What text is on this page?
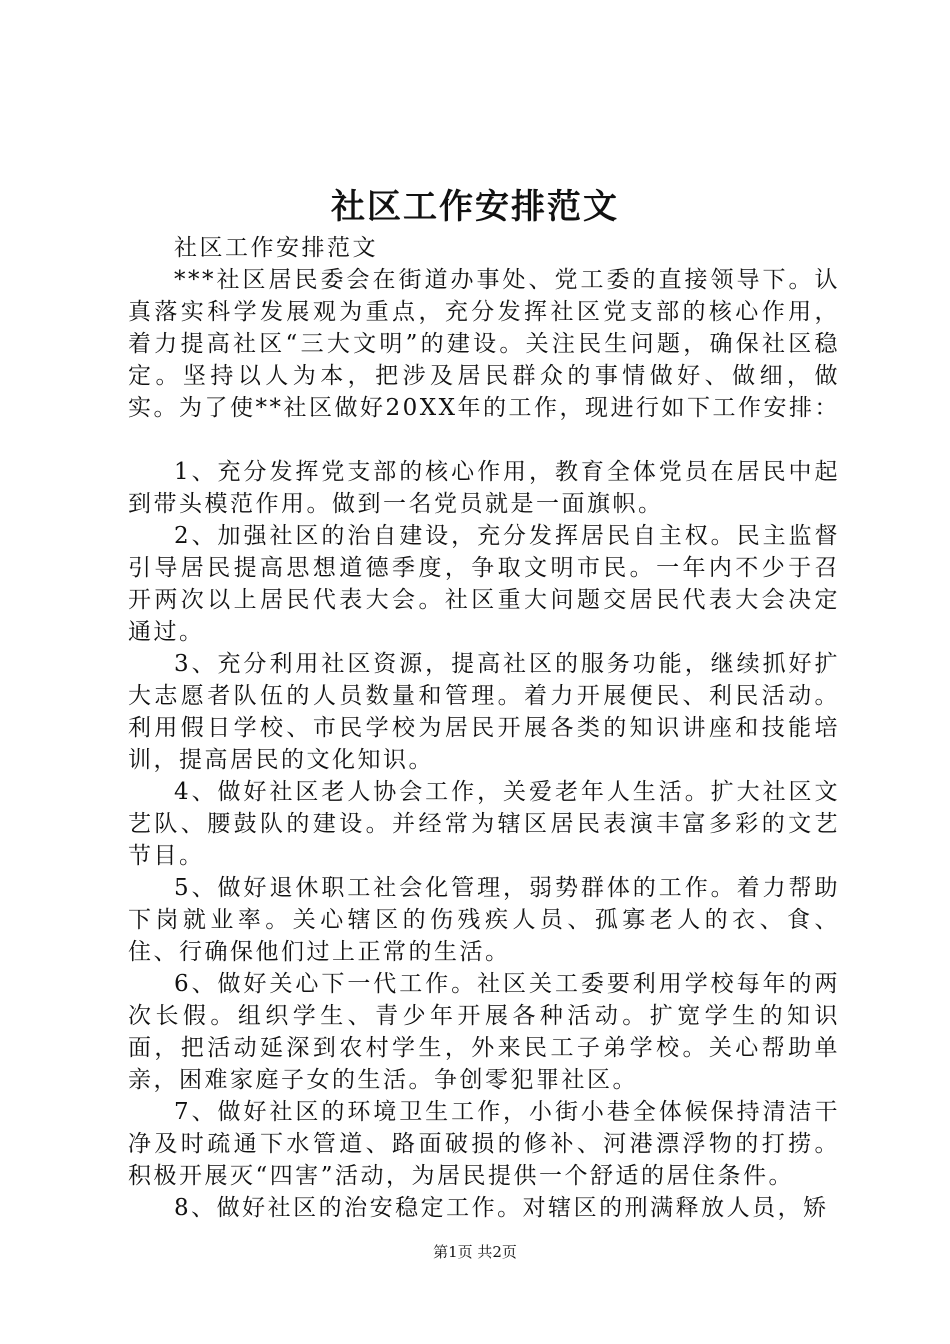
社区工作安排范文

社区工作安排范文

***社区居民委会在街道办事处、党工委的直接领导下。认真落实科学发展观为重点，充分发挥社区党支部的核心作用，着力提高社区“三大文明”的建设。关注民生问题，确保社区稳定。坚持以人为本，把涉及居民群众的事情做好、做细，做实。为了使**社区做好20XX年的工作，现进行如下工作安排：

1、充分发挥党支部的核心作用，教育全体党员在居民中起到带头模范作用。做到一名党员就是一面旗帜。

2、加强社区的治自建设，充分发挥居民自主权。民主监督引导居民提高思想道德季度，争取文明市民。一年内不少于召开两次以上居民代表大会。社区重大问题交居民代表大会决定通过。

3、充分利用社区资源，提高社区的服务功能，继续抓好扩大志愿者队伍的人员数量和管理。着力开展便民、利民活动。利用假日学校、市民学校为居民开展各类的知识讲座和技能培训，提高居民的文化知识。

4、做好社区老人协会工作，关爱老年人生活。扩大社区文艺队、腰鼓队的建设。并经常为辖区居民表演丰富多彩的文艺节目。

5、做好退休职工社会化管理，弱势群体的工作。着力帮助下岗就业率。关心辖区的伤残疾人员、孤寡老人的衣、食、住、行确保他们过上正常的生活。

6、做好关心下一代工作。社区关工委要利用学校每年的两次长假。组织学生、青少年开展各种活动。扩宽学生的知识面，把活动延深到农村学生，外来民工子弟学校。关心帮助单亲，困难家庭子女的生活。争创零犯罪社区。

7、做好社区的环境卫生工作，小街小巷全体候保持清洁干净及时疏通下水管道、路面破损的修补、河港漂浮物的打捞。积极开展灭“四害”活动，为居民提供一个舒适的居住条件。

8、做好社区的治安稳定工作。对辖区的刑满释放人员，矫

第1页 共2页
